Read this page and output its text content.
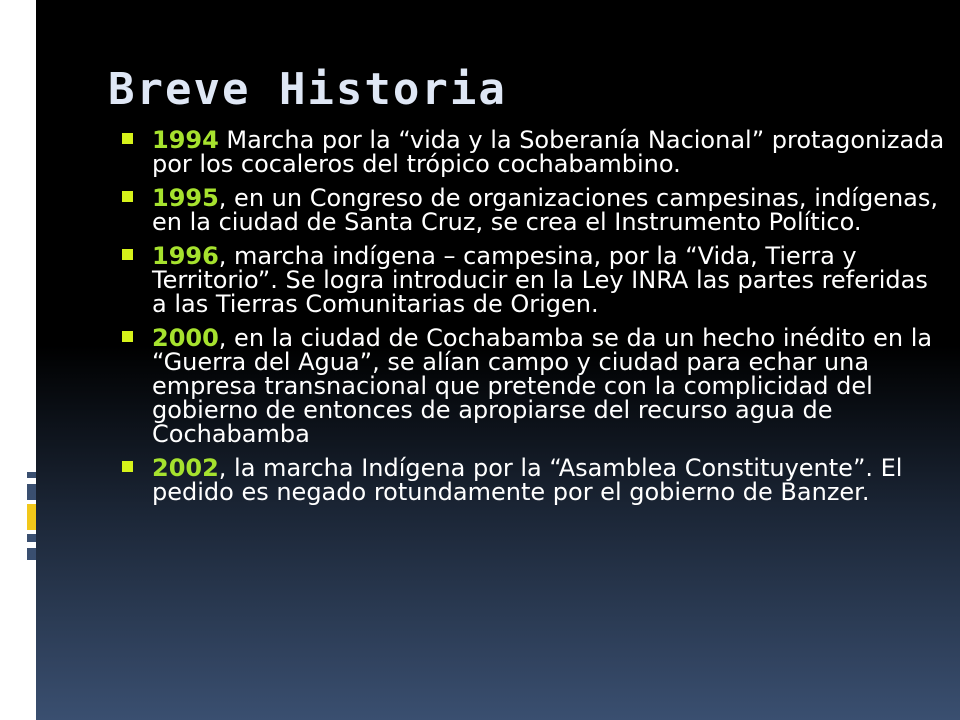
Breve Historia
1994 Marcha por la “vida y la Soberanía Nacional” protagonizada por los cocaleros del trópico cochabambino.
1995, en un Congreso de organizaciones campesinas, indígenas, en la ciudad de Santa Cruz, se crea el Instrumento Político.
1996, marcha indígena – campesina, por la “Vida, Tierra y Territorio”. Se logra introducir en la Ley INRA las partes referidas a las Tierras Comunitarias de Origen.
2000, en la ciudad de Cochabamba se da un hecho inédito en la “Guerra del Agua”, se alían campo y ciudad para echar una empresa transnacional que pretende con la complicidad del gobierno de entonces de apropiarse del recurso agua de Cochabamba
2002, la marcha Indígena por la “Asamblea Constituyente”. El pedido es negado rotundamente por el gobierno de Banzer.
